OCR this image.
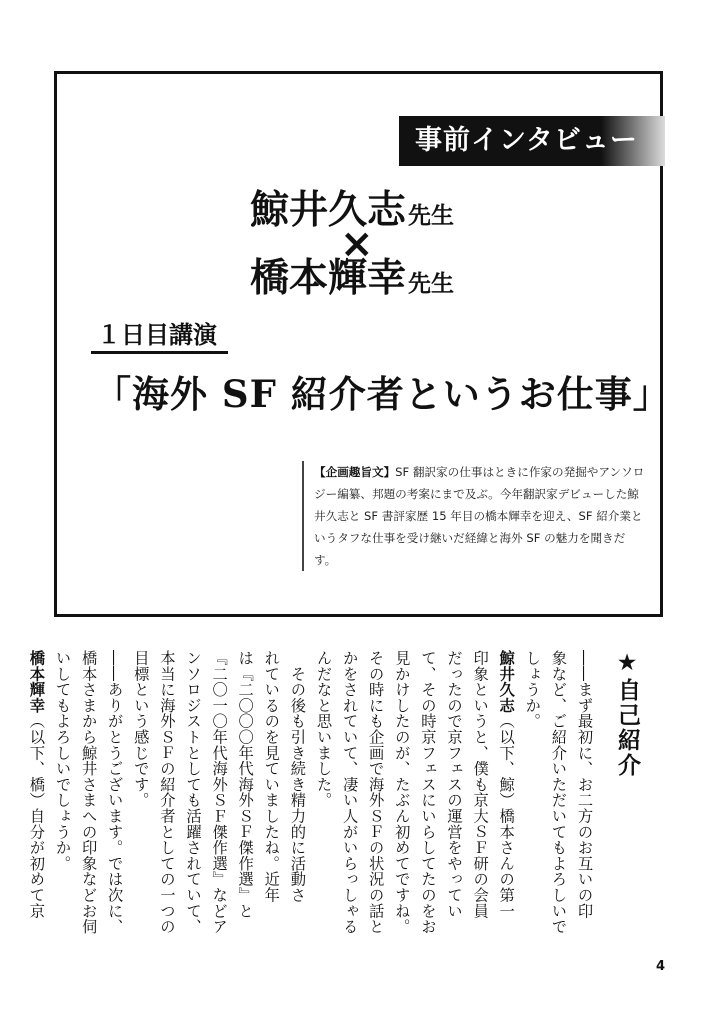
事前インタビュー
鯨井久志先生
×
橋本輝幸先生
１日目講演
「海外 SF 紹介者というお仕事」
【企画趣旨文】SF 翻訳家の仕事はときに作家の発掘やアンソロジー編纂、邦題の考案にまで及ぶ。今年翻訳家デビューした鯨井久志と SF 書評家歴 15 年目の橋本輝幸を迎え、SF 紹介業というタフな仕事を受け継いだ経緯と海外 SF の魅力を聞きだす。
★自己紹介
――まず最初に、お二方のお互いの印
象など、ご紹介いただいてもよろしいで
しょうか。
鯨井久志（以下、鯨）橋本さんの第一
印象というと、僕も京大ＳＦ研の会員
だったので京フェスの運営をやってい
て、その時京フェスにいらしてたのをお
見かけしたのが、たぶん初めてですね。
その時にも企画で海外ＳＦの状況の話と
かをされていて、凄い人がいらっしゃる
んだなと思いました。
　その後も引き続き精力的に活動さ
れているのを見ていましたね。近年
は『二〇〇〇年代海外ＳＦ傑作選』と
『二〇一〇年代海外ＳＦ傑作選』などア
ンソロジストとしても活躍されていて、
本当に海外ＳＦの紹介者としての一つの
目標という感じです。
――ありがとうございます。では次に、
橋本さまから鯨井さまへの印象などお伺
いしてもよろしいでしょうか。
橋本輝幸（以下、橋）自分が初めて京
4
